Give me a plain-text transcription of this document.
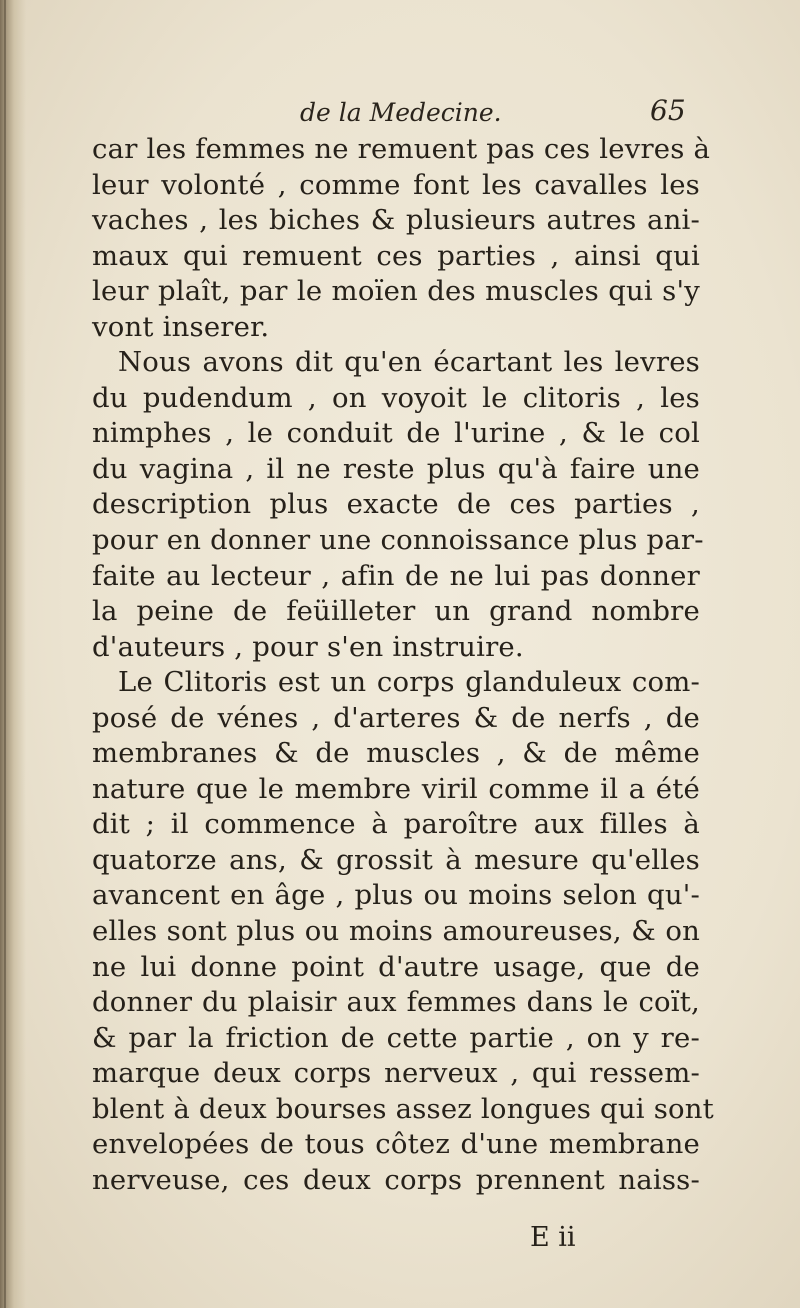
de la Medecine.	65
car les femmes ne remuent pas ces levres à
leur volonté , comme font les cavalles les
vaches , les biches & plusieurs autres ani-
maux qui remuent ces parties , ainsi qui
leur plaît, par le moïen des muscles qui s'y
vont inserer.
Nous avons dit qu'en écartant les levres
du pudendum , on voyoit le clitoris , les
nimphes , le conduit de l'urine , & le col
du vagina , il ne reste plus qu'à faire une
description plus exacte de ces parties ,
pour en donner une connoissance plus par-
faite au lecteur , afin de ne lui pas donner
la peine de feüilleter un grand nombre
d'auteurs , pour s'en instruire.
Le Clitoris est un corps glanduleux com-
posé de vénes , d'arteres & de nerfs , de
membranes & de muscles , & de même
nature que le membre viril comme il a été
dit ; il commence à paroître aux filles à
quatorze ans, & grossit à mesure qu'elles
avancent en âge , plus ou moins selon qu'-
elles sont plus ou moins amoureuses, & on
ne lui donne point d'autre usage, que de
donner du plaisir aux femmes dans le coït,
& par la friction de cette partie , on y re-
marque deux corps nerveux , qui ressem-
blent à deux bourses assez longues qui sont
envelopées de tous côtez d'une membrane
nerveuse, ces deux corps prennent naiss-
E ii
